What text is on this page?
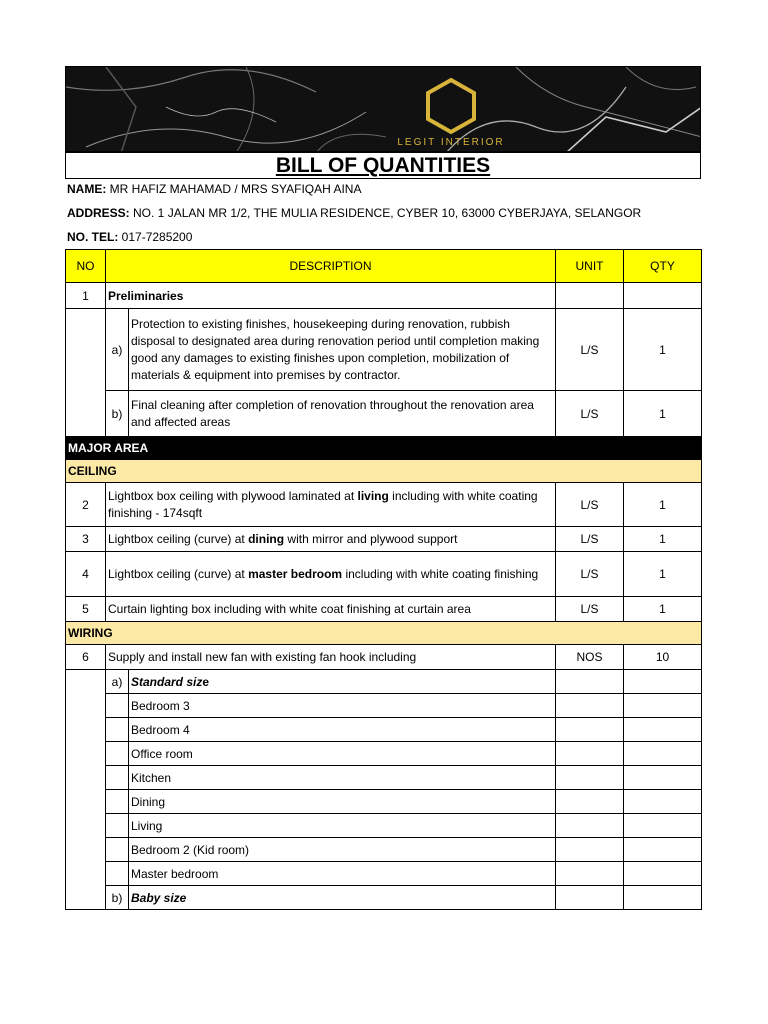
LEGIT INTERIOR
BILL OF QUANTITIES
NAME: MR HAFIZ MAHAMAD / MRS SYAFIQAH AINA
ADDRESS: NO. 1 JALAN MR 1/2, THE MULIA RESIDENCE, CYBER 10, 63000 CYBERJAYA, SELANGOR
NO. TEL: 017-7285200
NO	DESCRIPTION		UNIT	QTY
1	Preliminaries			
	a)	Protection to existing finishes, housekeeping during renovation, rubbish disposal to designated area during renovation period until completion making good any damages to existing finishes upon completion, mobilization of materials & equipment into premises by contractor.	L/S	1
	b)	Final cleaning after completion of renovation throughout the renovation area and affected areas	L/S	1
MAJOR AREA				
CEILING				
2	Lightbox box ceiling with plywood laminated at living including with white coating finishing - 174sqft		L/S	1
3	Lightbox ceiling (curve) at dining with mirror and plywood support		L/S	1
4	Lightbox ceiling (curve) at master bedroom including with white coating finishing		L/S	1
5	Curtain lighting box including with white coat finishing at curtain area		L/S	1
WIRING				
6	Supply and install new fan with existing fan hook including		NOS	10
	a)	Standard size		
		Bedroom 3		
		Bedroom 4		
		Office room		
		Kitchen		
		Dining		
		Living		
		Bedroom 2 (Kid room)		
		Master bedroom		
	b)	Baby size		
